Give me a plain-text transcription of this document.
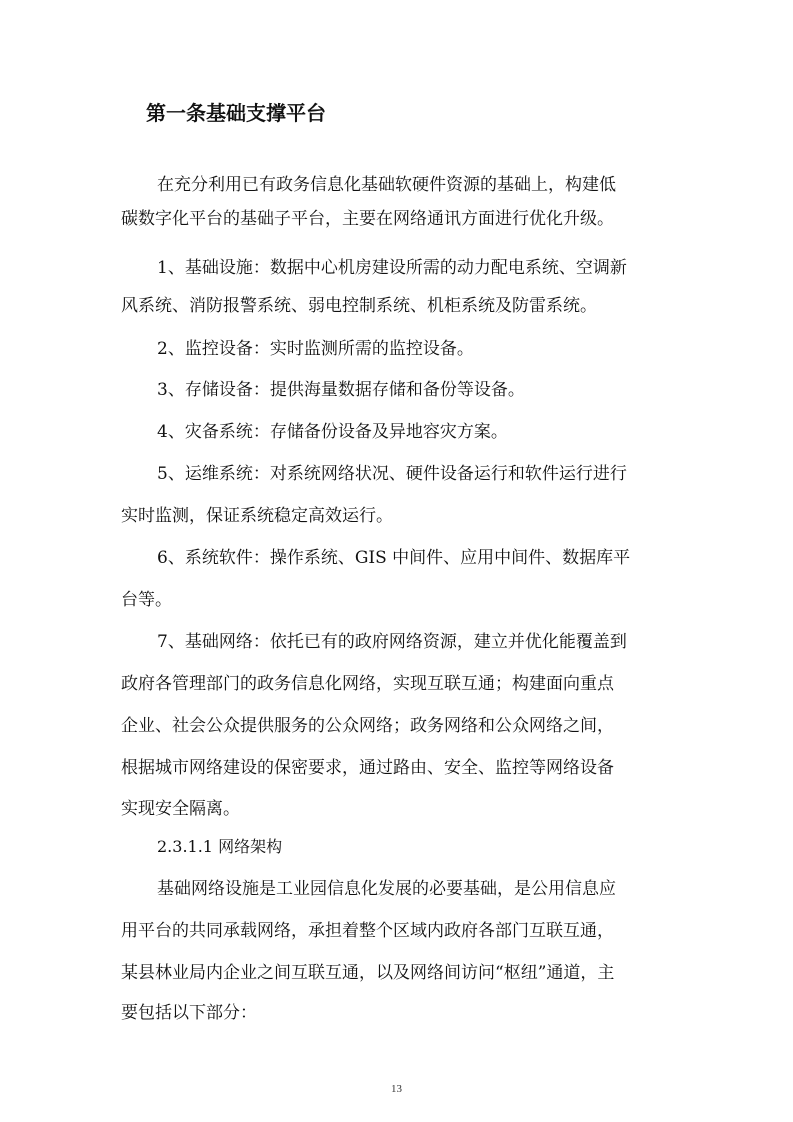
第一条基础支撑平台
在充分利用已有政务信息化基础软硬件资源的基础上，构建低
碳数字化平台的基础子平台，主要在网络通讯方面进行优化升级。
1、基础设施：数据中心机房建设所需的动力配电系统、空调新
风系统、消防报警系统、弱电控制系统、机柜系统及防雷系统。
2、监控设备：实时监测所需的监控设备。
3、存储设备：提供海量数据存储和备份等设备。
4、灾备系统：存储备份设备及异地容灾方案。
5、运维系统：对系统网络状况、硬件设备运行和软件运行进行
实时监测，保证系统稳定高效运行。
6、系统软件：操作系统、GIS 中间件、应用中间件、数据库平
台等。
7、基础网络：依托已有的政府网络资源，建立并优化能覆盖到
政府各管理部门的政务信息化网络，实现互联互通；构建面向重点
企业、社会公众提供服务的公众网络；政务网络和公众网络之间，
根据城市网络建设的保密要求，通过路由、安全、监控等网络设备
实现安全隔离。
2.3.1.1 网络架构
基础网络设施是工业园信息化发展的必要基础，是公用信息应
用平台的共同承载网络，承担着整个区域内政府各部门互联互通，
某县林业局内企业之间互联互通，以及网络间访问“枢纽”通道，主
要包括以下部分：
13
